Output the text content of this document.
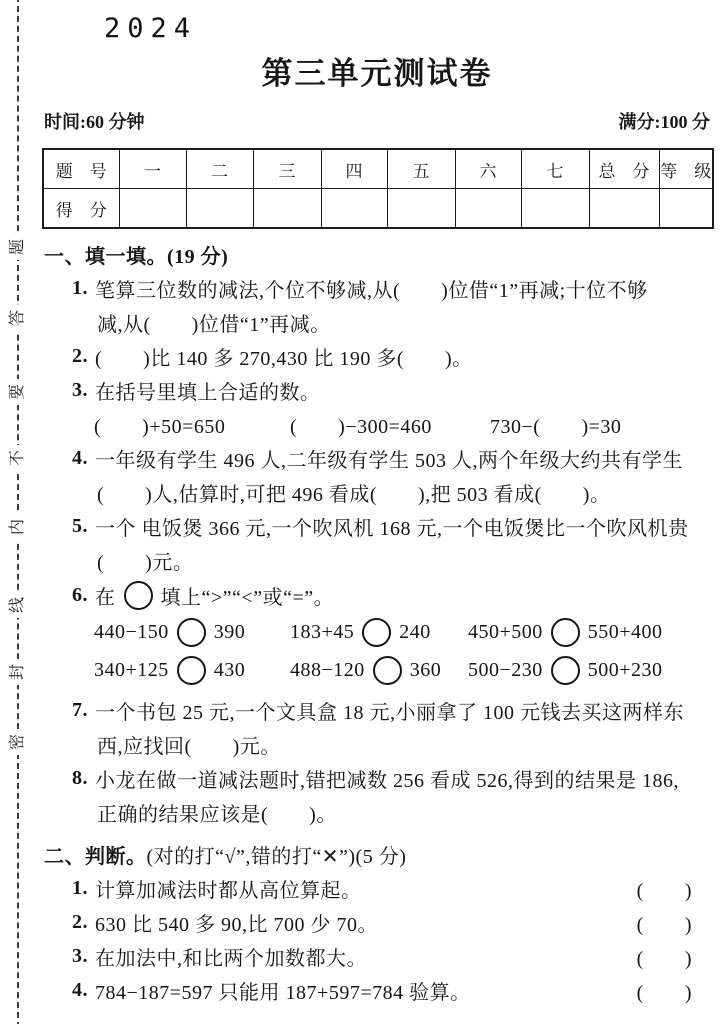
题
答
要
不
内
线
封
密
2024
第三单元测试卷
时间:60 分钟	满分:100 分
题　号	一	二	三	四	五	六	七	总　分	等　级
得　分									
一、填一填。(19 分)
1. 笔算三位数的减法,个位不够减,从(　　)位借“1”再减;十位不够
减,从(　　)位借“1”再减。
2. (　　)比 140 多 270,430 比 190 多(　　)。
3. 在括号里填上合适的数。
(　　)+50=650	(　　)−300=460	730−(　　)=30
4. 一年级有学生 496 人,二年级有学生 503 人,两个年级大约共有学生
(　　)人,估算时,可把 496 看成(　　),把 503 看成(　　)。
5. 一个 电饭煲 366 元,一个吹风机 168 元,一个电饭煲比一个吹风机贵
(　　)元。
6. 在 填上“>”“<”或“=”。
440−150 390 183+45 240 450+500 550+400
340+125 430 488−120 360 500−230 500+230
7. 一个书包 25 元,一个文具盒 18 元,小丽拿了 100 元钱去买这两样东
西,应找回(　　)元。
8. 小龙在做一道减法题时,错把减数 256 看成 526,得到的结果是 186,
正确的结果应该是(　　)。
二、判断。 (对的打“√”,错的打“✕”)(5 分)
1. 计算加减法时都从高位算起。	(　　)
2. 630 比 540 多 90,比 700 少 70。	(　　)
3. 在加法中,和比两个加数都大。	(　　)
4. 784−187=597 只能用 187+597=784 验算。	(　　)
